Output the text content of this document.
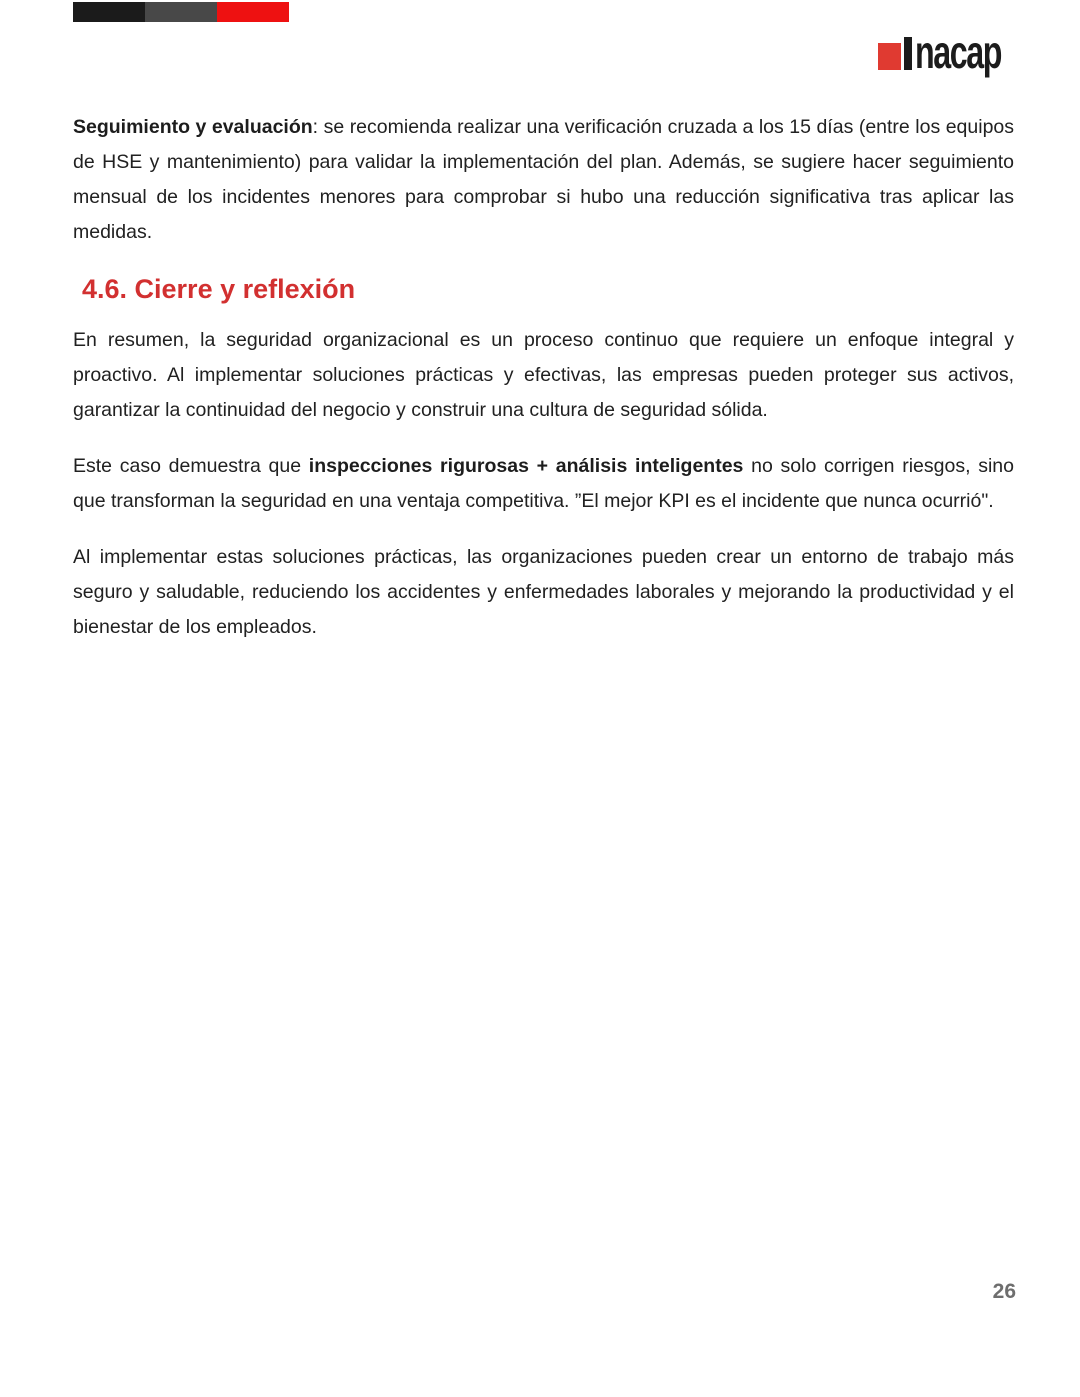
nacap

Seguimiento y evaluación: se recomienda realizar una verificación cruzada a los 15 días (entre los equipos de HSE y mantenimiento) para validar la implementación del plan. Además, se sugiere hacer seguimiento mensual de los incidentes menores para comprobar si hubo una reducción significativa tras aplicar las medidas.

4.6. Cierre y reflexión

En resumen, la seguridad organizacional es un proceso continuo que requiere un enfoque integral y proactivo. Al implementar soluciones prácticas y efectivas, las empresas pueden proteger sus activos, garantizar la continuidad del negocio y construir una cultura de seguridad sólida.

Este caso demuestra que inspecciones rigurosas + análisis inteligentes no solo corrigen riesgos, sino que transforman la seguridad en una ventaja competitiva. ”El mejor KPI es el incidente que nunca ocurrió".

Al implementar estas soluciones prácticas, las organizaciones pueden crear un entorno de trabajo más seguro y saludable, reduciendo los accidentes y enfermedades laborales y mejorando la productividad y el bienestar de los empleados.

26
